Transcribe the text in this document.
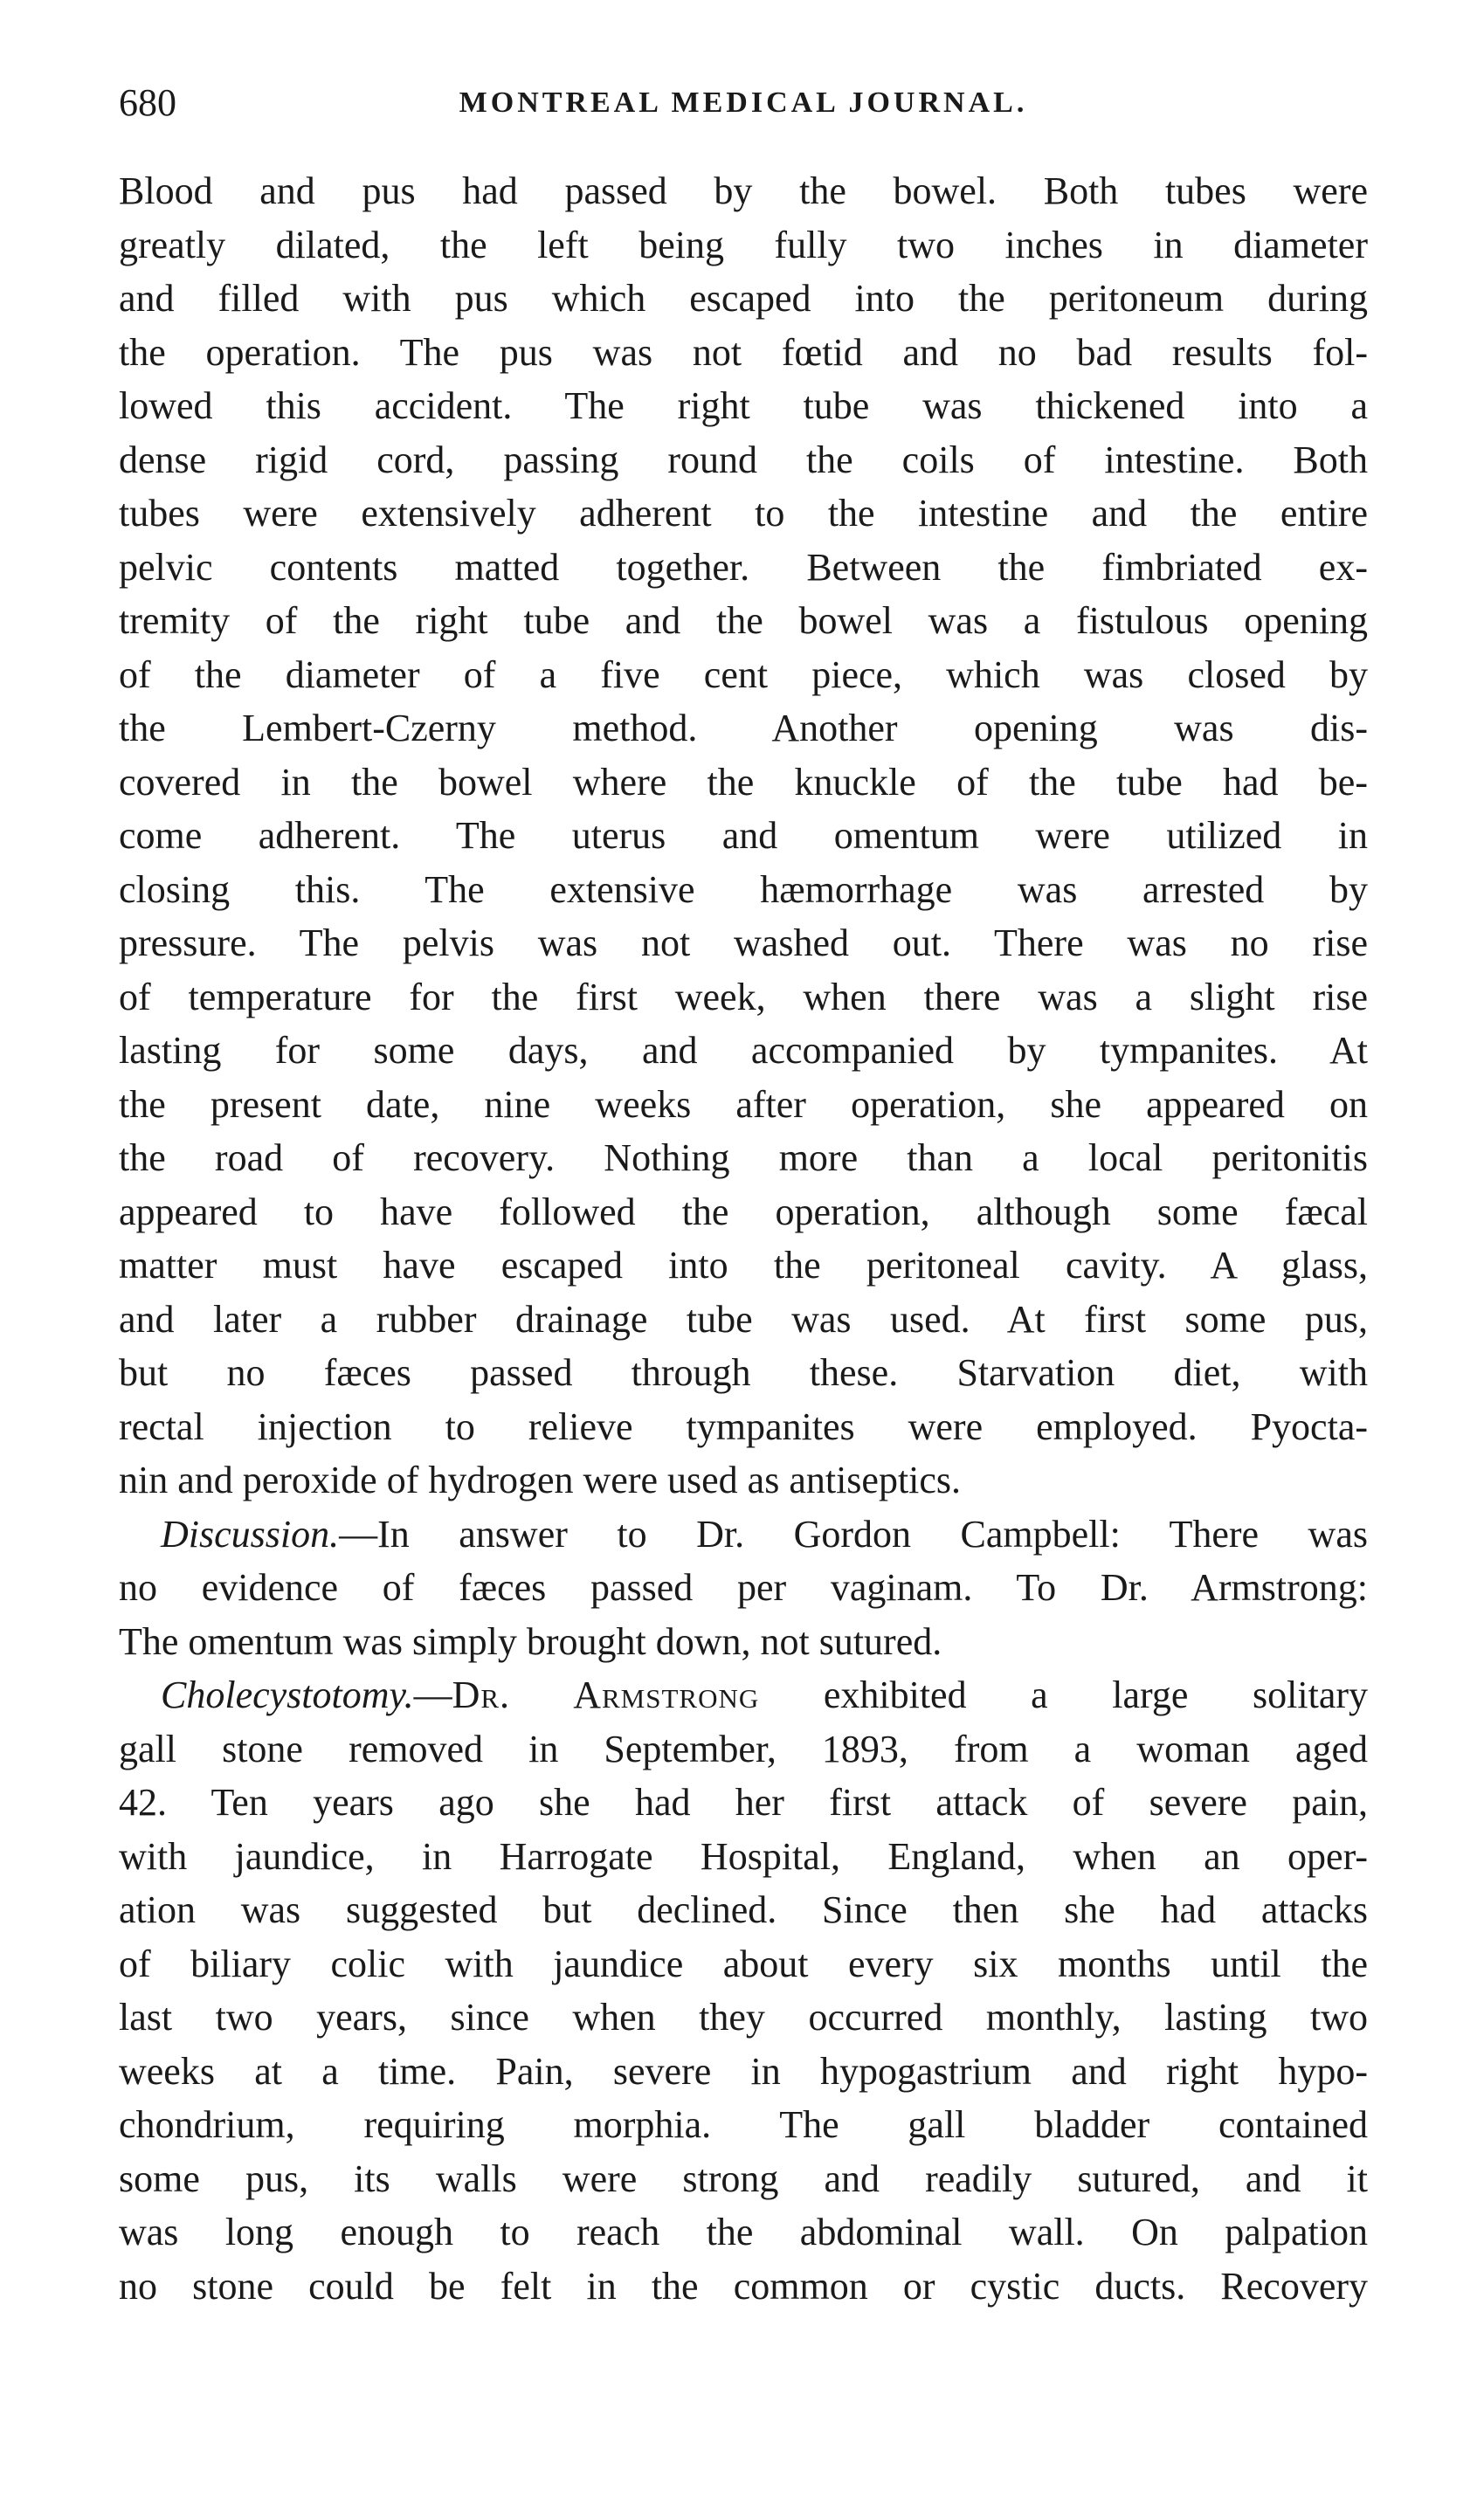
680	MONTREAL MEDICAL JOURNAL.
Blood and pus had passed by the bowel. Both tubes were
greatly dilated, the left being fully two inches in diameter
and filled with pus which escaped into the peritoneum during
the operation. The pus was not fœtid and no bad results fol-
lowed this accident. The right tube was thickened into a
dense rigid cord, passing round the coils of intestine. Both
tubes were extensively adherent to the intestine and the entire
pelvic contents matted together. Between the fimbriated ex-
tremity of the right tube and the bowel was a fistulous opening
of the diameter of a five cent piece, which was closed by
the Lembert-Czerny method. Another opening was dis-
covered in the bowel where the knuckle of the tube had be-
come adherent. The uterus and omentum were utilized in
closing this. The extensive hæmorrhage was arrested by
pressure. The pelvis was not washed out. There was no rise
of temperature for the first week, when there was a slight rise
lasting for some days, and accompanied by tympanites. At
the present date, nine weeks after operation, she appeared on
the road of recovery. Nothing more than a local peritonitis
appeared to have followed the operation, although some fæcal
matter must have escaped into the peritoneal cavity. A glass,
and later a rubber drainage tube was used. At first some pus,
but no fæces passed through these. Starvation diet, with
rectal injection to relieve tympanites were employed. Pyocta-
nin and peroxide of hydrogen were used as antiseptics.
Discussion.—In answer to Dr. Gordon Campbell: There was
no evidence of fæces passed per vaginam. To Dr. Armstrong:
The omentum was simply brought down, not sutured.
Cholecystotomy.—Dr. Armstrong exhibited a large solitary
gall stone removed in September, 1893, from a woman aged
42. Ten years ago she had her first attack of severe pain,
with jaundice, in Harrogate Hospital, England, when an oper-
ation was suggested but declined. Since then she had attacks
of biliary colic with jaundice about every six months until the
last two years, since when they occurred monthly, lasting two
weeks at a time. Pain, severe in hypogastrium and right hypo-
chondrium, requiring morphia. The gall bladder contained
some pus, its walls were strong and readily sutured, and it
was long enough to reach the abdominal wall. On palpation
no stone could be felt in the common or cystic ducts. Recovery
